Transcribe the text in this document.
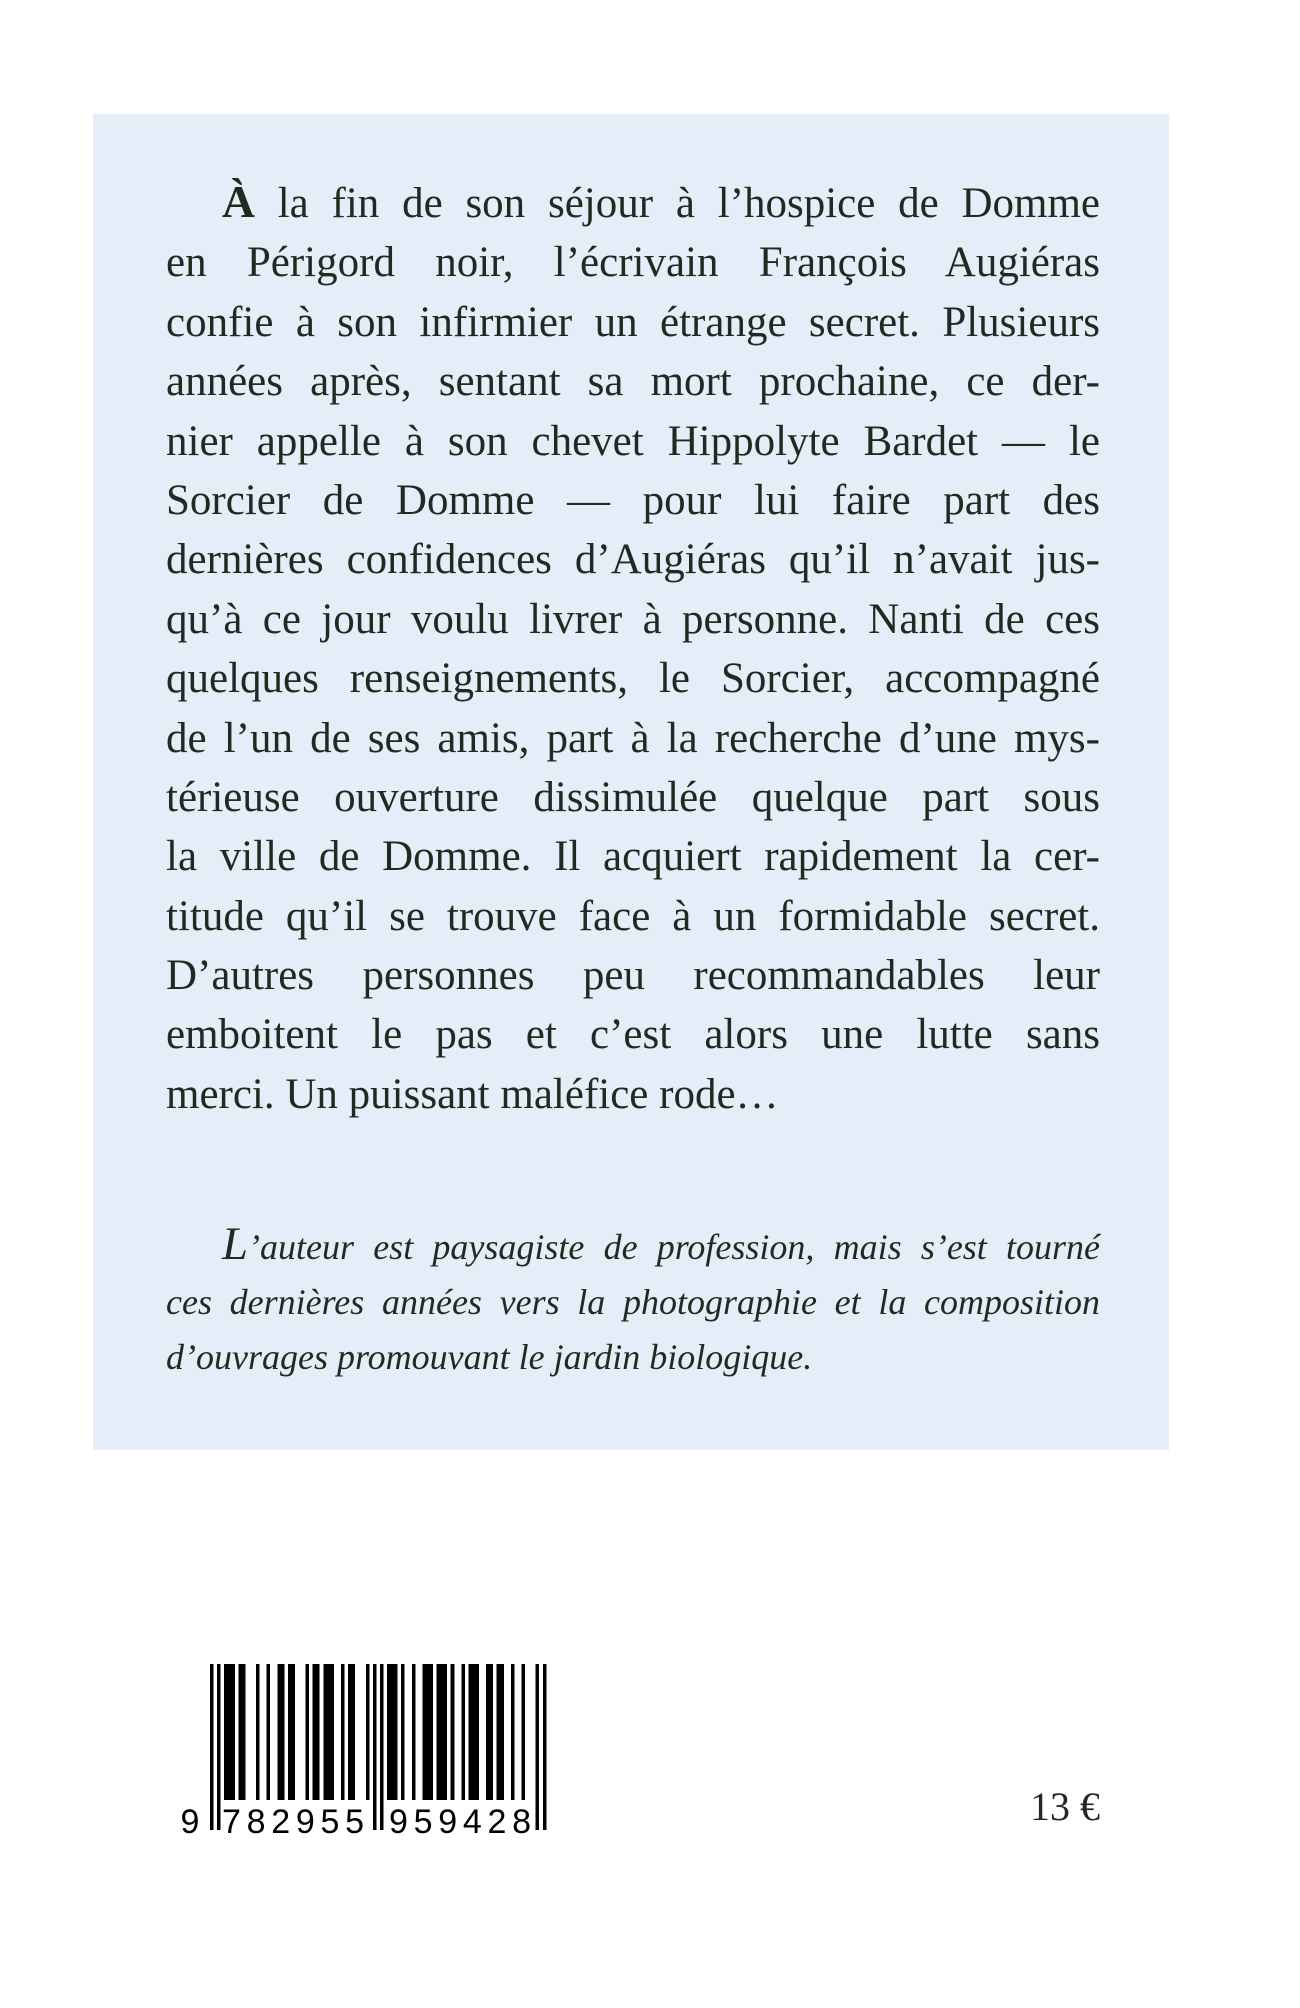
À la fin de son séjour à l’hospice de Domme
en Périgord noir, l’écrivain François Augiéras
confie à son infirmier un étrange secret. Plusieurs
années après, sentant sa mort prochaine, ce der-
nier appelle à son chevet Hippolyte Bardet — le
Sorcier de Domme — pour lui faire part des
dernières confidences d’Augiéras qu’il n’avait jus-
qu’à ce jour voulu livrer à personne. Nanti de ces
quelques renseignements, le Sorcier, accompagné
de l’un de ses amis, part à la recherche d’une mys-
térieuse ouverture dissimulée quelque part sous
la ville de Domme. Il acquiert rapidement la cer-
titude qu’il se trouve face à un formidable secret.
D’autres personnes peu recommandables leur
emboitent le pas et c’est alors une lutte sans
merci. Un puissant maléfice rode…
L’auteur est paysagiste de profession, mais s’est tourné
ces dernières années vers la photographie et la composition
d’ouvrages promouvant le jardin biologique.
9 782955 959428	13 €
